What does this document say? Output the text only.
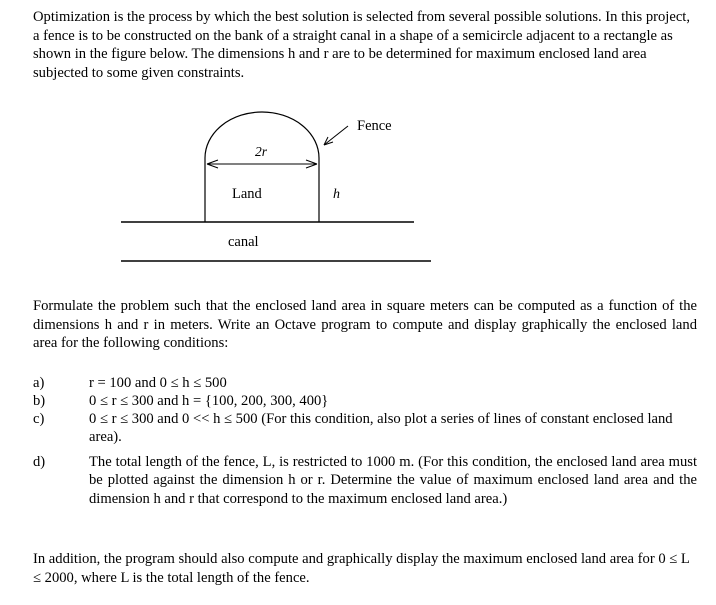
Optimization is the process by which the best solution is selected from several possible solutions. In this project, a fence is to be constructed on the bank of a straight canal in a shape of a semicircle adjacent to a rectangle as shown in the figure below. The dimensions h and r are to be determined for maximum enclosed land area subjected to some given constraints.
Fence
2r
Land	h
canal
Formulate the problem such that the enclosed land area in square meters can be computed as a function of the dimensions h and r in meters. Write an Octave program to compute and display graphically the enclosed land area for the following conditions:
a)	r = 100 and 0 ≤ h ≤ 500
b)	0 ≤ r ≤ 300 and h = {100, 200, 300, 400}
c)	0 ≤ r ≤ 300 and 0 << h ≤ 500 (For this condition, also plot a series of lines of constant enclosed land area).
d)	The total length of the fence, L, is restricted to 1000 m. (For this condition, the enclosed land area must be plotted against the dimension h or r. Determine the value of maximum enclosed land area and the dimension h and r that correspond to the maximum enclosed land area.)
In addition, the program should also compute and graphically display the maximum enclosed land area for 0 ≤ L ≤ 2000, where L is the total length of the fence.
